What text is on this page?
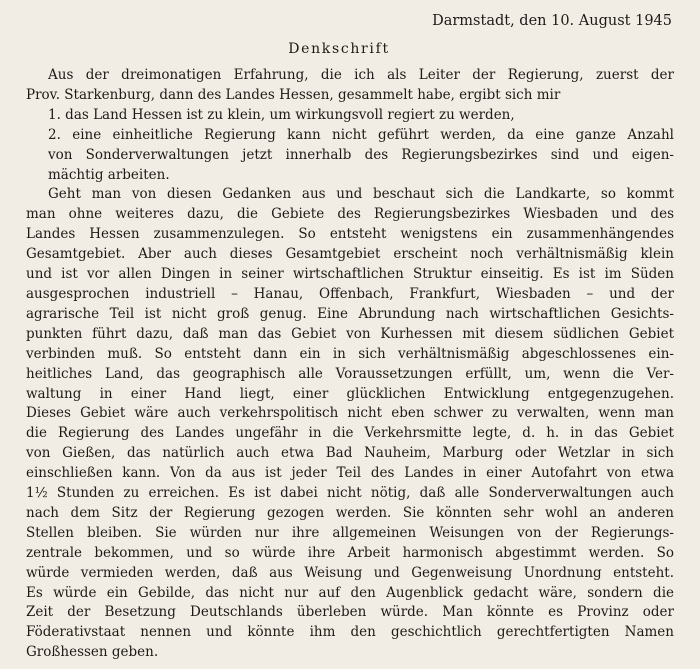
Darmstadt, den 10. August 1945
Denkschrift
Aus der dreimonatigen Erfahrung, die ich als Leiter der Regierung, zuerst der
Prov. Starkenburg, dann des Landes Hessen, gesammelt habe, ergibt sich mir
1. das Land Hessen ist zu klein, um wirkungsvoll regiert zu werden,
2. eine einheitliche Regierung kann nicht geführt werden, da eine ganze Anzahl
von Sonderverwaltungen jetzt innerhalb des Regierungsbezirkes sind und eigen-
mächtig arbeiten.
Geht man von diesen Gedanken aus und beschaut sich die Landkarte, so kommt
man ohne weiteres dazu, die Gebiete des Regierungsbezirkes Wiesbaden und des
Landes Hessen zusammenzulegen. So entsteht wenigstens ein zusammenhängendes
Gesamtgebiet. Aber auch dieses Gesamtgebiet erscheint noch verhältnismäßig klein
und ist vor allen Dingen in seiner wirtschaftlichen Struktur einseitig. Es ist im Süden
ausgesprochen industriell – Hanau, Offenbach, Frankfurt, Wiesbaden – und der
agrarische Teil ist nicht groß genug. Eine Abrundung nach wirtschaftlichen Gesichts-
punkten führt dazu, daß man das Gebiet von Kurhessen mit diesem südlichen Gebiet
verbinden muß. So entsteht dann ein in sich verhältnismäßig abgeschlossenes ein-
heitliches Land, das geographisch alle Voraussetzungen erfüllt, um, wenn die Ver-
waltung in einer Hand liegt, einer glücklichen Entwicklung entgegenzugehen.
Dieses Gebiet wäre auch verkehrspolitisch nicht eben schwer zu verwalten, wenn man
die Regierung des Landes ungefähr in die Verkehrsmitte legte, d. h. in das Gebiet
von Gießen, das natürlich auch etwa Bad Nauheim, Marburg oder Wetzlar in sich
einschließen kann. Von da aus ist jeder Teil des Landes in einer Autofahrt von etwa
1½ Stunden zu erreichen. Es ist dabei nicht nötig, daß alle Sonderverwaltungen auch
nach dem Sitz der Regierung gezogen werden. Sie könnten sehr wohl an anderen
Stellen bleiben. Sie würden nur ihre allgemeinen Weisungen von der Regierungs-
zentrale bekommen, und so würde ihre Arbeit harmonisch abgestimmt werden. So
würde vermieden werden, daß aus Weisung und Gegenweisung Unordnung entsteht.
Es würde ein Gebilde, das nicht nur auf den Augenblick gedacht wäre, sondern die
Zeit der Besetzung Deutschlands überleben würde. Man könnte es Provinz oder
Föderativstaat nennen und könnte ihm den geschichtlich gerechtfertigten Namen
Großhessen geben.
